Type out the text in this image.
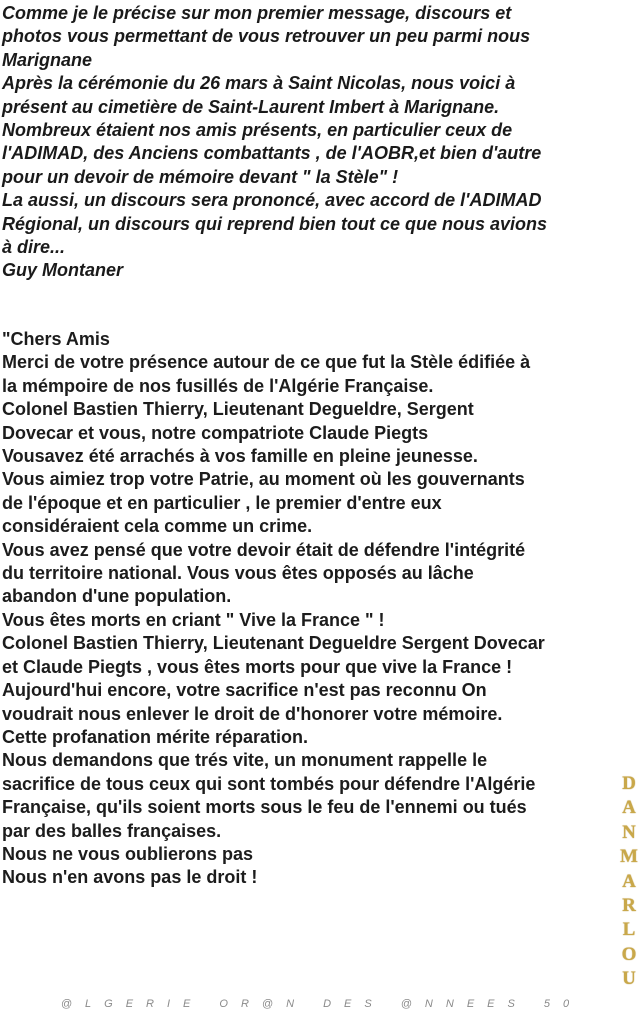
Comme je le précise sur mon premier message, discours et
photos vous permettant de vous retrouver un peu parmi nous
Marignane
Après la cérémonie du 26 mars à Saint Nicolas, nous voici à
présent au cimetière de Saint-Laurent Imbert à Marignane.
Nombreux étaient nos amis présents, en particulier ceux de
l'ADIMAD, des Anciens combattants , de l'AOBR,et bien d'autre
pour un devoir de mémoire devant " la Stèle" !
La aussi, un discours sera prononcé, avec accord de l'ADIMAD
Régional, un discours qui reprend bien tout ce que nous avions
à dire...
Guy Montaner
"Chers Amis
Merci de votre présence autour de ce que fut la Stèle édifiée à
la mémpoire de nos fusillés de l'Algérie Française.
Colonel Bastien Thierry, Lieutenant Degueldre, Sergent
Dovecar et vous, notre compatriote Claude Piegts
Vousavez été arrachés à vos famille en pleine jeunesse.
Vous aimiez trop votre Patrie, au moment où les gouvernants
de l'époque et en particulier , le premier d'entre eux
considéraient cela comme un crime.
Vous avez pensé que votre devoir était de défendre l'intégrité
du territoire national. Vous vous êtes opposés au lâche
abandon d'une population.
Vous êtes morts en criant " Vive la France " !
Colonel Bastien Thierry, Lieutenant Degueldre Sergent Dovecar
et Claude Piegts , vous êtes morts pour que vive la France !
Aujourd'hui encore, votre sacrifice n'est pas reconnu On
voudrait nous enlever le droit de d'honorer votre mémoire.
Cette profanation mérite réparation.
Nous demandons que trés vite, un monument rappelle le
sacrifice de tous ceux qui sont tombés pour défendre l'Algérie
Française, qu'ils soient morts sous le feu de l'ennemi ou tués
par des balles françaises.
Nous ne vous oublierons pas
Nous n'en avons pas le droit !
DANMARLOU
@LGERIE OR@N DES @NNEES 50
